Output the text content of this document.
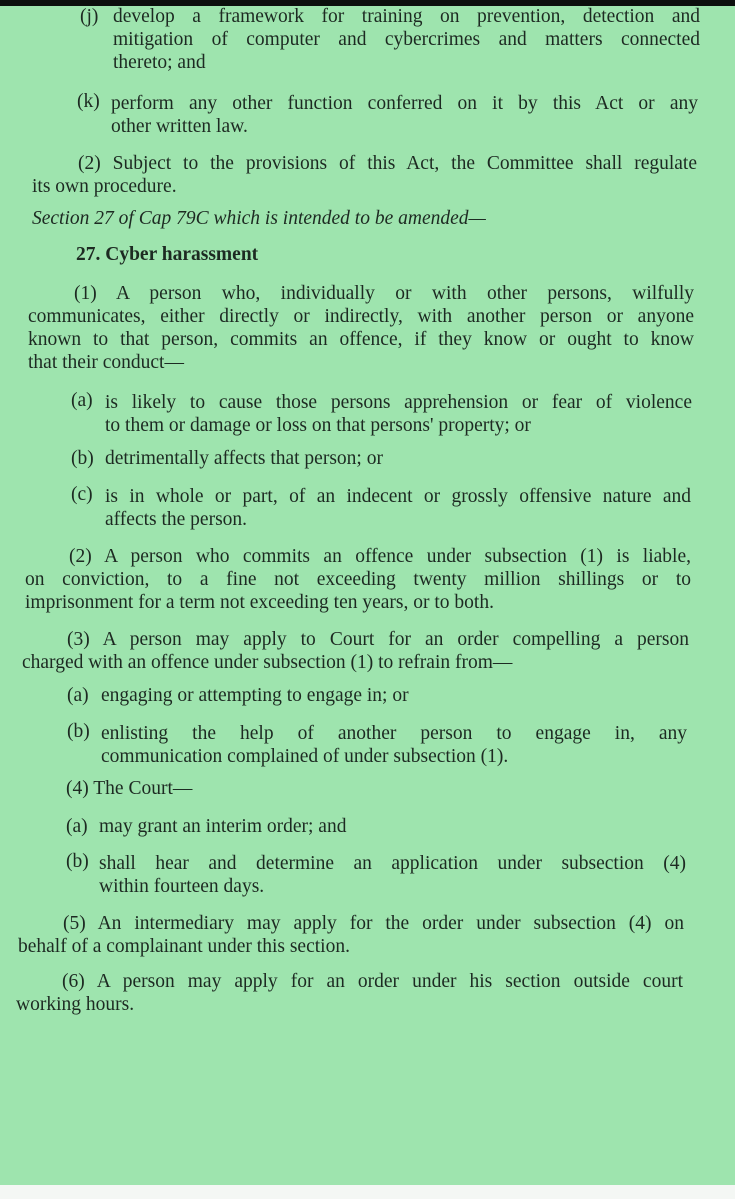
(j) develop a framework for training on prevention, detection and
mitigation of computer and cybercrimes and matters connected
thereto; and
(k) perform any other function conferred on it by this Act or any
other written law.
(2) Subject to the provisions of this Act, the Committee shall regulate
its own procedure.
Section 27 of Cap 79C which is intended to be amended—
27. Cyber harassment
(1) A person who, individually or with other persons, wilfully
communicates, either directly or indirectly, with another person or anyone
known to that person, commits an offence, if they know or ought to know
that their conduct—
(a) is likely to cause those persons apprehension or fear of violence
to them or damage or loss on that persons' property; or
(b) detrimentally affects that person; or
(c) is in whole or part, of an indecent or grossly offensive nature and
affects the person.
(2) A person who commits an offence under subsection (1) is liable,
on conviction, to a fine not exceeding twenty million shillings or to
imprisonment for a term not exceeding ten years, or to both.
(3) A person may apply to Court for an order compelling a person
charged with an offence under subsection (1) to refrain from—
(a) engaging or attempting to engage in; or
(b) enlisting the help of another person to engage in, any
communication complained of under subsection (1).
(4) The Court—
(a) may grant an interim order; and
(b) shall hear and determine an application under subsection (4)
within fourteen days.
(5) An intermediary may apply for the order under subsection (4) on
behalf of a complainant under this section.
(6) A person may apply for an order under his section outside court
working hours.
